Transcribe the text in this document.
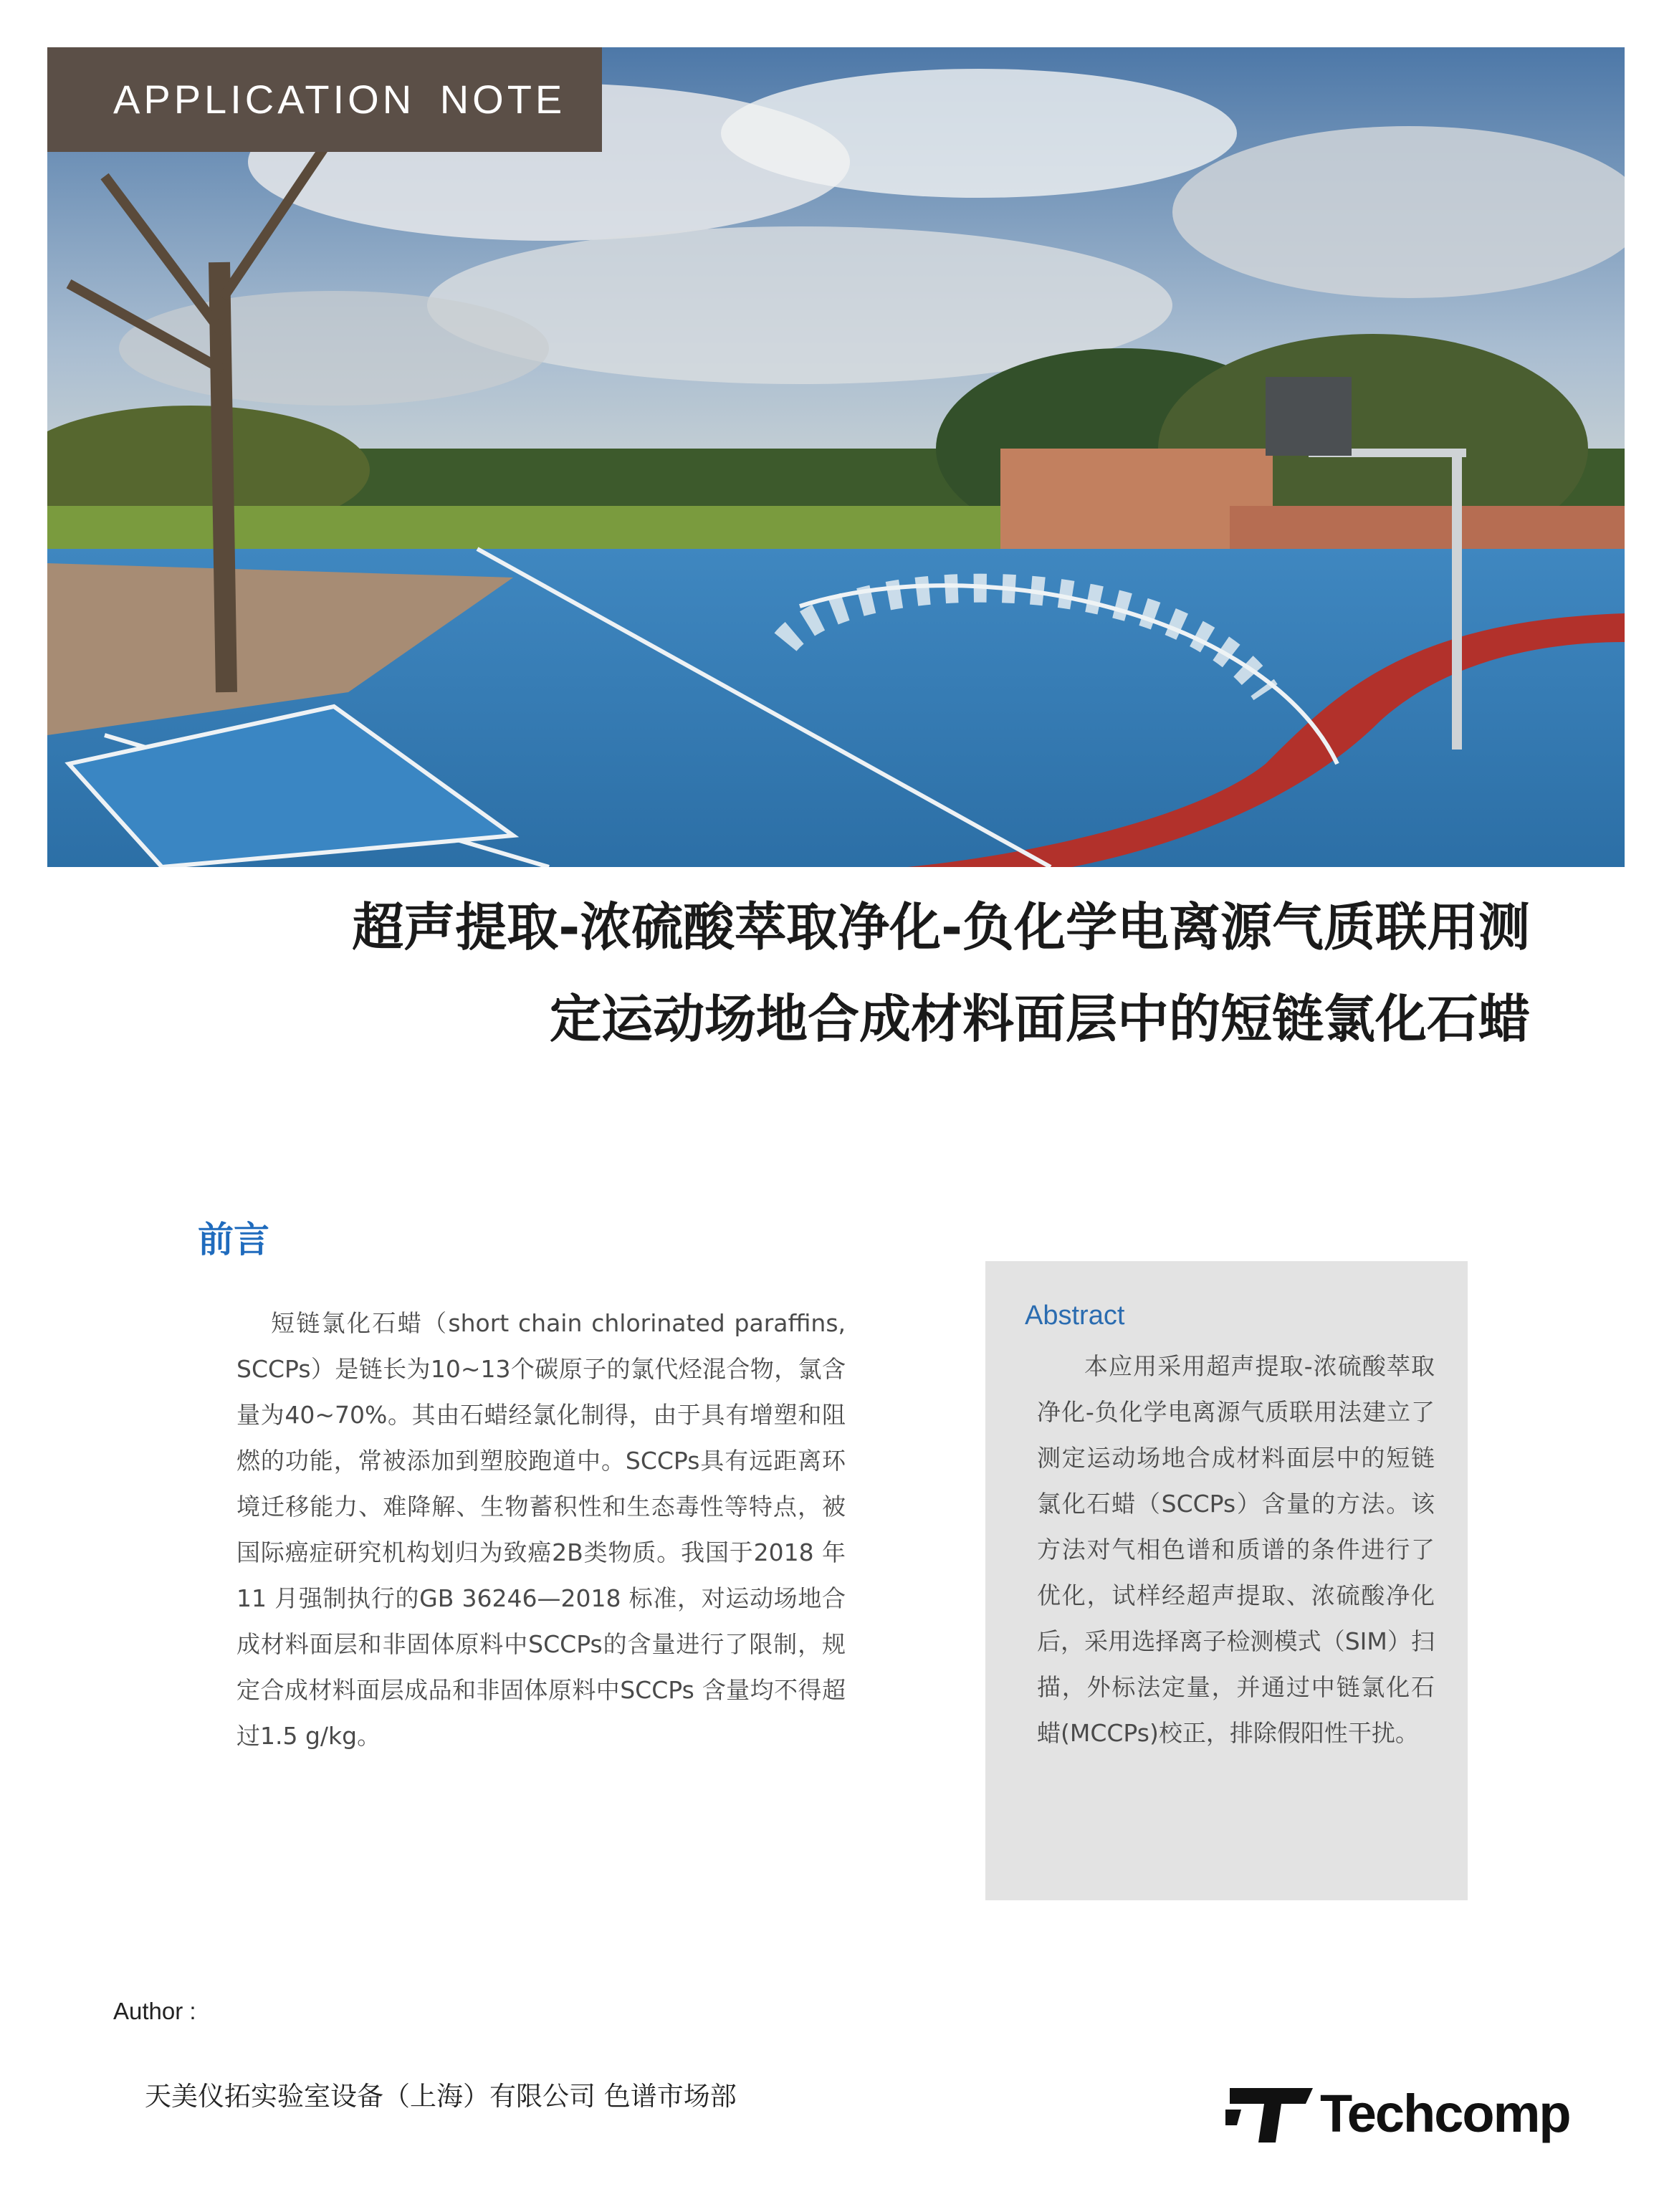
APPLICATION NOTE
超声提取-浓硫酸萃取净化-负化学电离源气质联用测
定运动场地合成材料面层中的短链氯化石蜡
前言

短链氯化石蜡（short chain chlorinated paraffins, SCCPs）是链长为10~13个碳原子的氯代烃混合物，氯含量为40~70%。其由石蜡经氯化制得，由于具有增塑和阻燃的功能，常被添加到塑胶跑道中。SCCPs具有远距离环境迁移能力、难降解、生物蓄积性和生态毒性等特点，被国际癌症研究机构划归为致癌2B类物质。我国于2018 年11 月强制执行的GB 36246—2018 标准，对运动场地合成材料面层和非固体原料中SCCPs的含量进行了限制，规定合成材料面层成品和非固体原料中SCCPs 含量均不得超过1.5 g/kg。

Abstract

本应用采用超声提取-浓硫酸萃取净化-负化学电离源气质联用法建立了测定运动场地合成材料面层中的短链氯化石蜡（SCCPs）含量的方法。该方法对气相色谱和质谱的条件进行了优化，试样经超声提取、浓硫酸净化后，采用选择离子检测模式（SIM）扫描，外标法定量，并通过中链氯化石蜡(MCCPs)校正，排除假阳性干扰。

Author :
天美仪拓实验室设备（上海）有限公司 色谱市场部	Techcomp
